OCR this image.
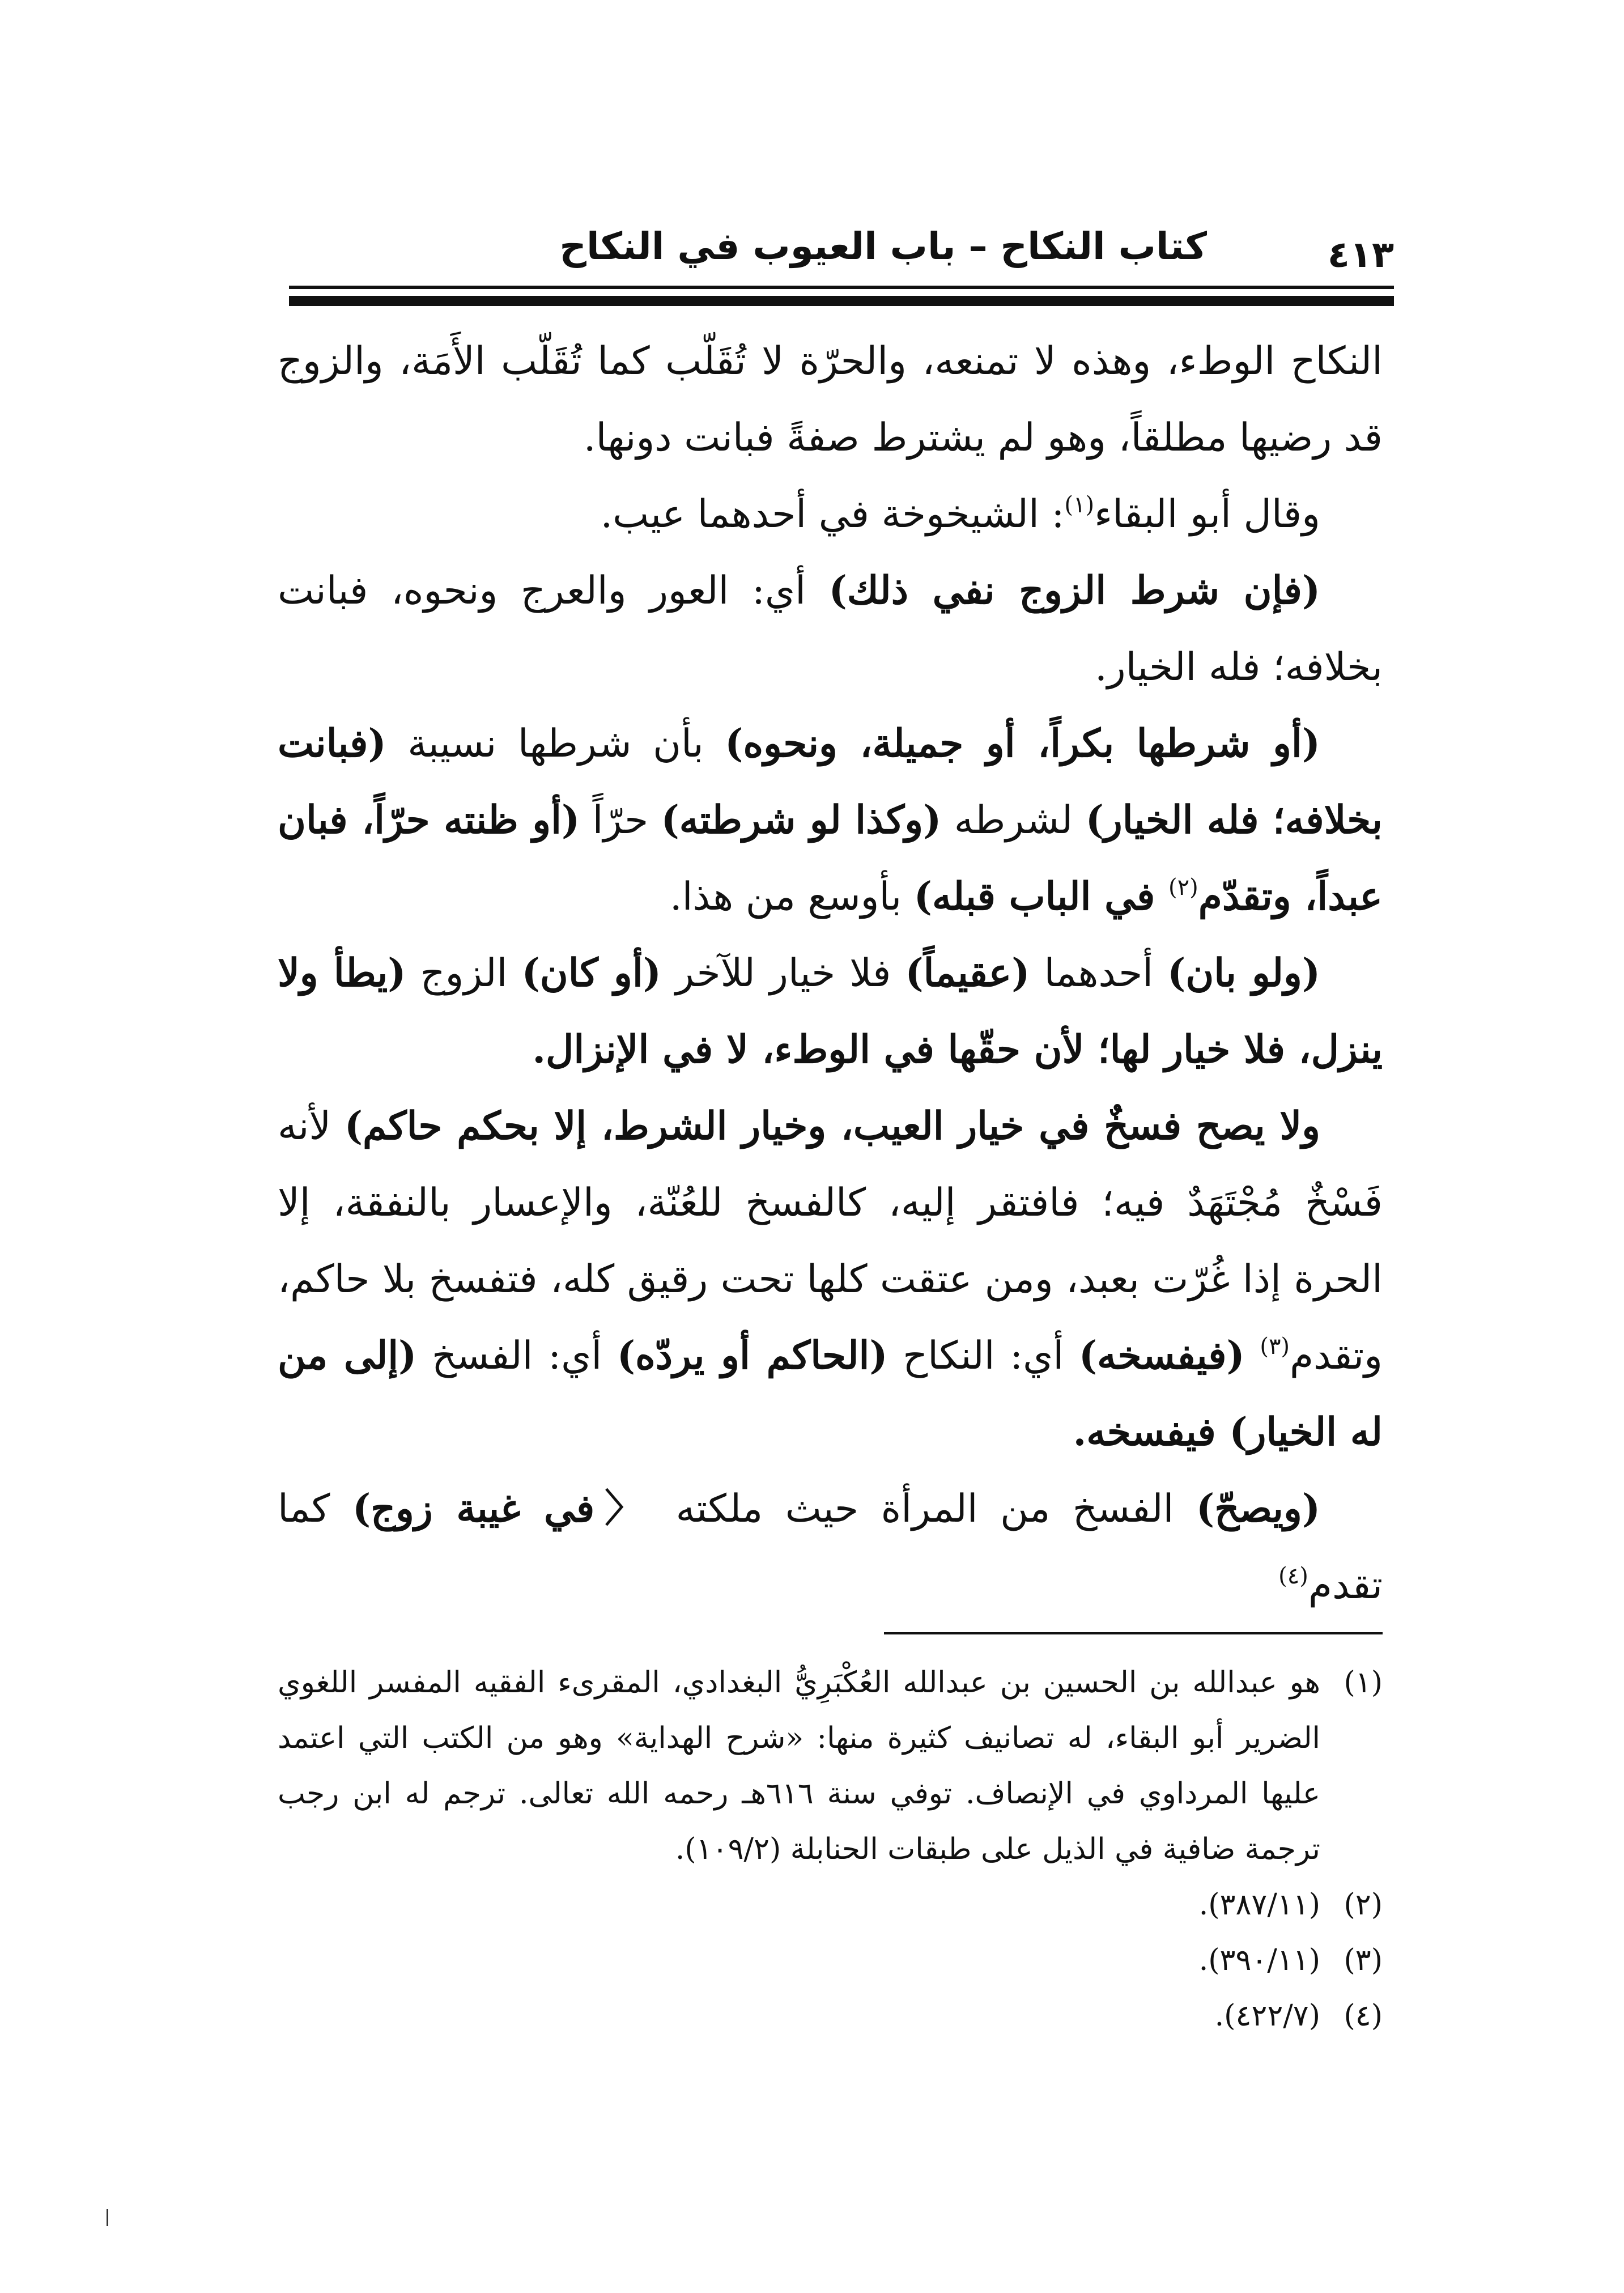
كتاب النكاح – باب العيوب في النكاح	٤١٣

النكاح الوطء، وهذه لا تمنعه، والحرّة لا تُقَلّب كما تُقَلّب الأَمَة، والزوج قد رضيها مطلقاً، وهو لم يشترط صفةً فبانت دونها.

وقال أبو البقاء$^{(١)}$: الشيخوخة في أحدهما عيب.

(فإن شرط الزوج نفي ذلك) أي: العور والعرج ونحوه، فبانت بخلافه؛ فله الخيار.

(أو شرطها بكراً، أو جميلة، ونحوه) بأن شرطها نسيبة (فبانت بخلافه؛ فله الخيار) لشرطه (وكذا لو شرطته) حرّاً (أو ظنته حرّاً، فبان عبداً، وتقدّم$^{(٢)}$ في الباب قبله) بأوسع من هذا.

(ولو بان) أحدهما (عقيماً) فلا خيار للآخر (أو كان) الزوج (يطأ ولا ينزل، فلا خيار لها؛ لأن حقّها في الوطء، لا في الإنزال.

ولا يصح فسخٌ في خيار العيب، وخيار الشرط، إلا بحكم حاكم) لأنه فَسْخٌ مُجْتَهَدٌ فيه؛ فافتقر إليه، كالفسخ للعُنّة، والإعسار بالنفقة، إلا الحرة إذا غُرّت بعبد، ومن عتقت كلها تحت رقيق كله، فتفسخ بلا حاكم، وتقدم$^{(٣)}$ (فيفسخه) أي: النكاح (الحاكم أو يردّه) أي: الفسخ (إلى من له الخيار) فيفسخه.

(ويصحّ) الفسخ من المرأة حيث ملكته 〈في غيبة زوج) كما تقدم$^{(٤)}$

(١)
هو عبدالله بن الحسين بن عبدالله العُكْبَرِيُّ البغدادي، المقرىء الفقيه المفسر اللغوي الضرير أبو البقاء، له تصانيف كثيرة منها: «شرح الهداية» وهو من الكتب التي اعتمد عليها المرداوي في الإنصاف. توفي سنة ٦١٦هـ رحمه الله تعالى. ترجم له ابن رجب ترجمة ضافية في الذيل على طبقات الحنابلة (١٠٩/٢).

(٢)
(٣٨٧/١١).

(٣)
(٣٩٠/١١).

(٤)
(٤٢٢/٧).
